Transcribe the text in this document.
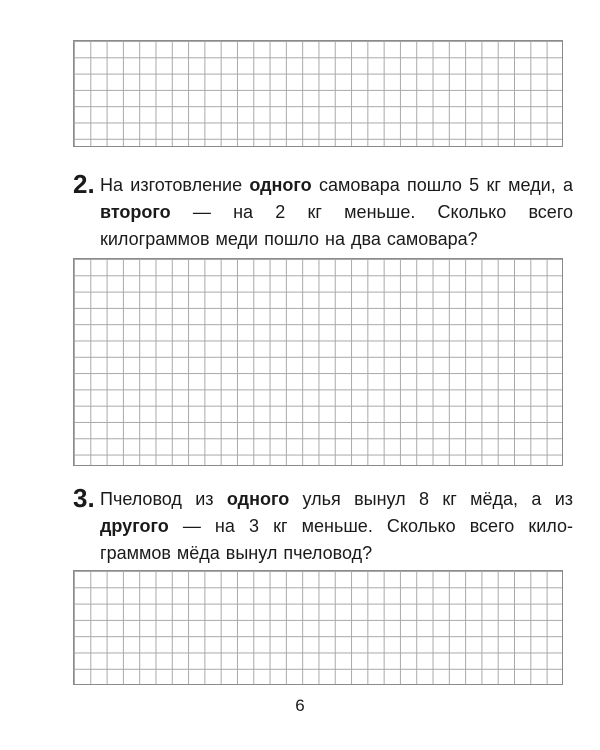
2. На изготовление одного самовара пошло 5 кг меди, а второго — на 2 кг меньше. Сколько всего килограммов меди пошло на два самовара?
3. Пчеловод из одного улья вынул 8 кг мёда, а из другого — на 3 кг меньше. Сколько всего кило-граммов мёда вынул пчеловод?
6
